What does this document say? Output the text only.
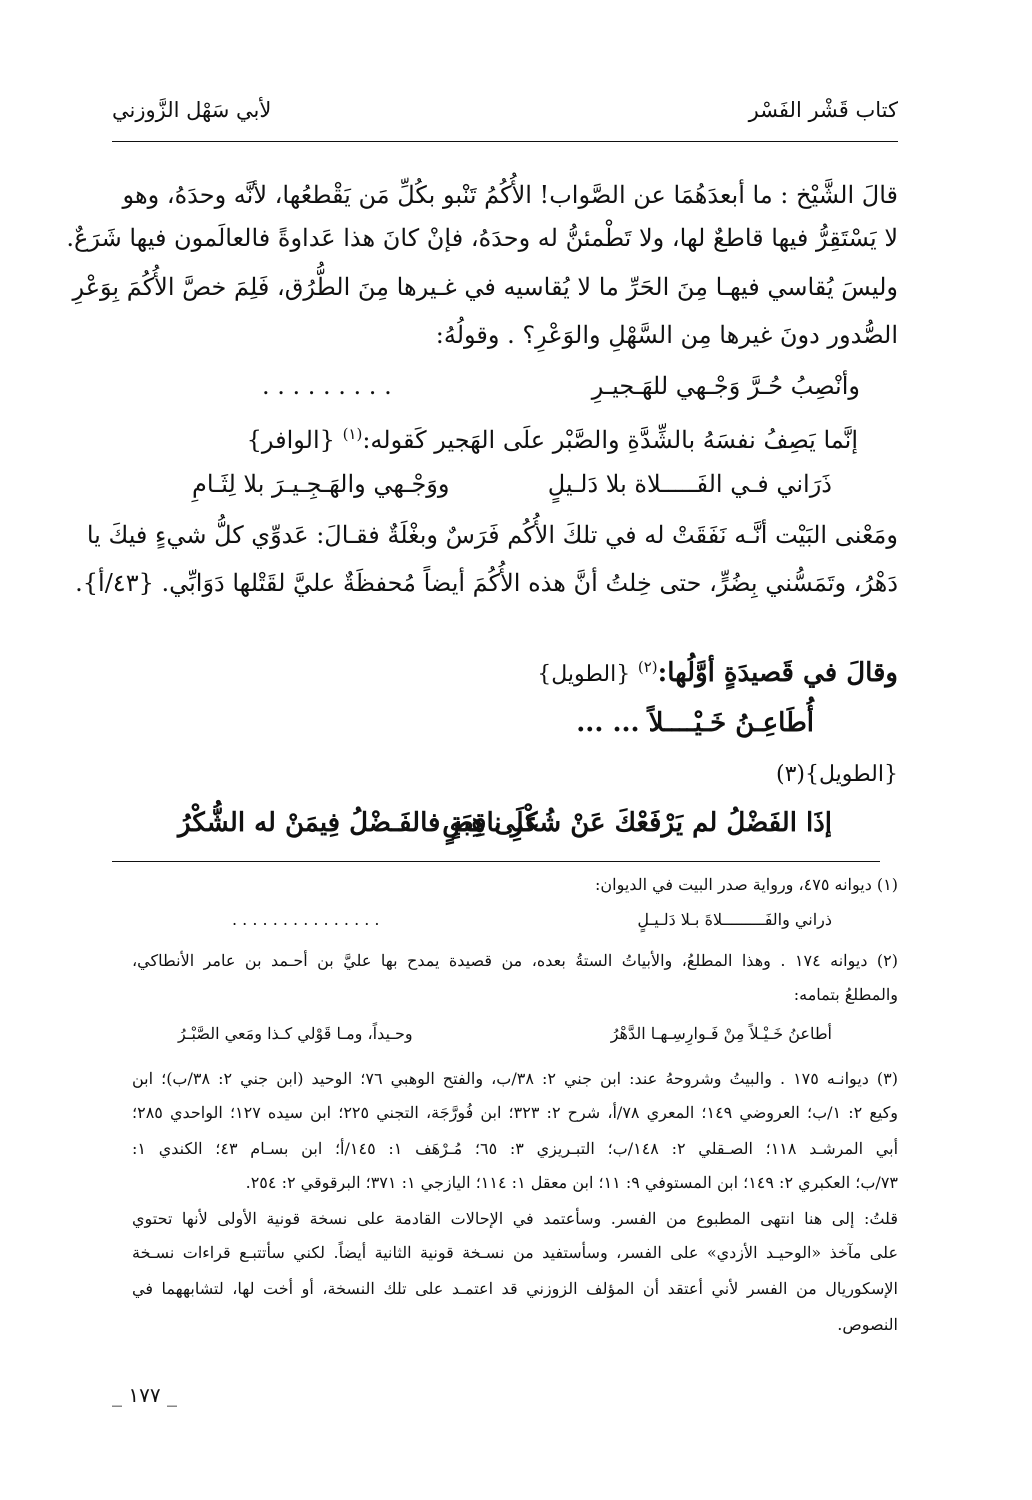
كتاب قَشْر الفَسْر
لأبي سَهْل الزَّوزني
قالَ الشَّيْخ : ما أبعدَهُمَا عن الصَّواب! الأُكُمُ تَنْبو بكُلِّ مَن يَقْطعُها، لأنَّه وحدَهُ، وهو
لا يَسْتَقِرُّ فيها قاطعٌ لها، ولا تَطْمئنُّ له وحدَهُ، فإنْ كانَ هذا عَداوةً فالعالَمون فيها شَرَعٌ.
وليسَ يُقاسي فيهـا مِنَ الحَرِّ ما لا يُقاسيه في غـيرها مِنَ الطُّرُق، فَلِمَ خصَّ الأُكُمَ بِوَعْرِ
الصُّدور دونَ غيرها مِن السَّهْلِ والوَعْرِ؟ . وقولُهُ:
وأنْصِبُ حُـرَّ وَجْـهي للهَـجيـرِ
. . . . . . . . .
إنَّما يَصِفُ نفسَهُ بالشِّدَّةِ والصَّبْر علَى الهَجير كَقوله:$^{(١)}$ {الوافر}
ذَرَاني فـي الفَـــــلاة بلا دَلـيلٍ
ووَجْـهي والهَـجِـيـرَ بلا لِثَـامِ
ومَعْنى البَيْت أنَّـه نَفَقَتْ له في تلكَ الأُكُم فَرَسٌ وبغْلَةٌ فقـالَ: عَدوِّي كلُّ شيءٍ فيكَ يا
دَهْرُ، وتَمَسُّني بِضُرٍّ، حتى خِلتُ أنَّ هذه الأُكُمَ أيضاً مُحفظَةٌ عليَّ لقَتْلها دَوَابِّي. {٤٣/أ}.
وقالَ في قَصيدَةٍ أوَّلُها:$^{(٢)}$ {الطويل}
أُطَاعِـنُ خَـيْــــلاً ... ...
{الطويل}(٣)
إذَا الفَضْلُ لم يَرْفَعْكَ عَنْ شُكْرِ ناقِصٍ
علَى هِبَةٍ فالفَـضْلُ فِيمَنْ له الشُّكْرُ
(١) ديوانه ٤٧٥، ورواية صدر البيت في الديوان:
ذراني والفَـــــــــلاةَ بـلا دَلـيـلٍ
. . . . . . . . . . . . . . .
(٢) ديوانه ١٧٤ . وهذا المطلعُ، والأبياتُ الستةُ بعده، من قصيدة يمدح بها عليَّ بن أحـمد بن عامر الأنطاكي،
والمطلعُ بتمامه:
أطاعنُ خَـيْـلاً مِنْ فَـوارِسِـهـا الدَّهْرُ
وحـيداً، ومـا قَوْلي كـذا ومَعي الصَّبْـرُ
(٣) ديوانـه ١٧٥ . والبيتُ وشروحهُ عند: ابن جني ٢: ٣٨/ب، والفتح الوهبي ٧٦؛ الوحيد (ابن جني ٢: ٣٨/ب)؛ ابن
وكيع ٢: ١/ب؛ العروضي ١٤٩؛ المعري ٧٨/أ، شرح ٢: ٣٢٣؛ ابن فُورَّجَة، التجني ٢٢٥؛ ابن سيده ١٢٧؛ الواحدي ٢٨٥؛
أبي المرشـد ١١٨؛ الصـقلي ٢: ١٤٨/ب؛ التبـريزي ٣: ٦٥؛ مُـرْهَف ١: ١٤٥/أ؛ ابن بسـام ٤٣؛ الكندي ١:
٧٣/ب؛ العكبري ٢: ١٤٩؛ ابن المستوفي ٩: ١١؛ ابن معقل ١: ١١٤؛ اليازجي ١: ٣٧١؛ البرقوقي ٢: ٢٥٤.
قلتُ: إلى هنا انتهى المطبوع من الفسر. وسأعتمد في الإحالات القادمة على نسخة قونية الأولى لأنها تحتوي
على مآخذ «الوحيـد الأزدي» على الفسر، وسأستفيد من نسـخة قونية الثانية أيضاً. لكني سأتتبـع قراءات نسـخة
الإسكوريال من الفسر لأني أعتقد أن المؤلف الزوزني قد اعتمـد على تلك النسخة، أو أخت لها، لتشابههما في
النصوص.
_ ١٧٧ _
